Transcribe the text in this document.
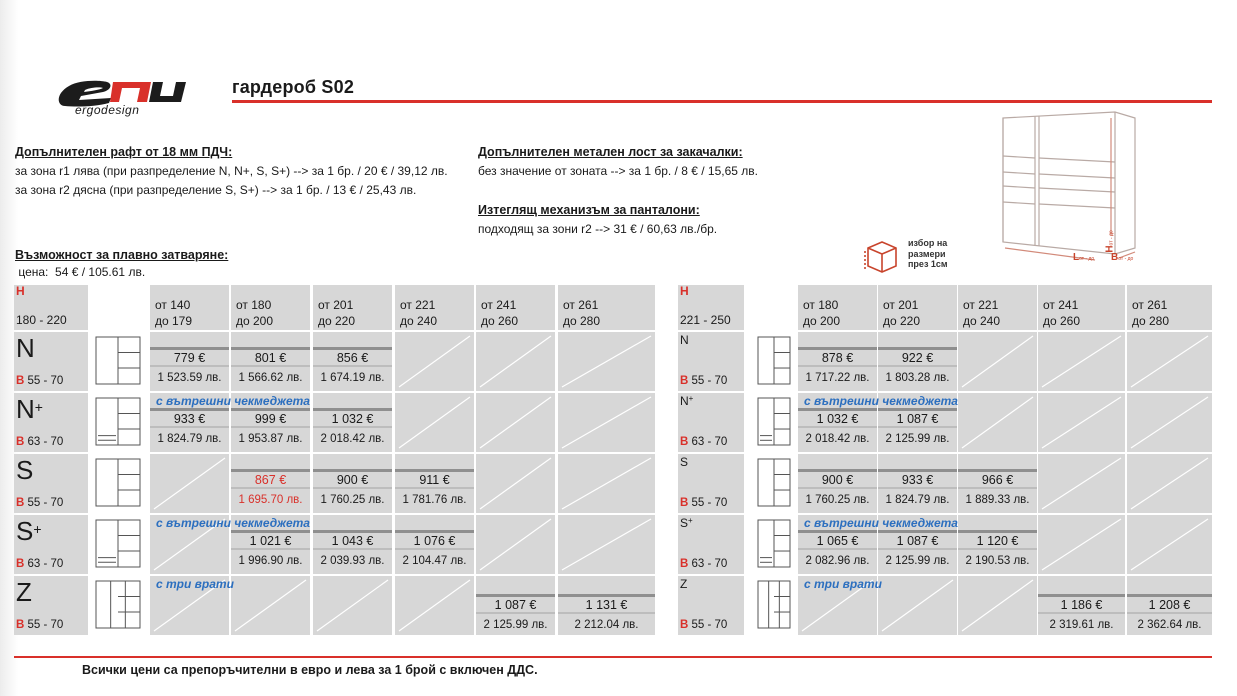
ergodesign
гардероб S02
Допълнителен рафт от 18 мм ПДЧ:
за зона r1 лява (при разпределение N, N+, S, S+) --> за 1 бр. / 20 € / 39,12 лв.
за зона r2 дясна (при разпределение S, S+) --> за 1 бр. / 13 € / 25,43 лв.
Допълнителен метален лост за закачалки:
без значение от зоната --> за 1 бр. / 8 € / 15,65 лв.
Изтеглящ механизъм за панталони:
подходящ за зони r2 --> 31 € / 60,63 лв./бр.
Възможност за плавно затваряне:
цена:  54 € / 105.61 лв.
избор на
размери
през 1см
Hот - до
Lот - до Bот - до
H
180 - 220
от 140
до 179
от 180
до 200
от 201
до 220
от 221
до 240
от 241
до 260
от 261
до 280
N
B 55 - 70
779 €
1 523.59 лв.
801 €
1 566.62 лв.
856 €
1 674.19 лв.
N+
B 63 - 70
933 €
1 824.79 лв.
999 €
1 953.87 лв.
1 032 €
2 018.42 лв.
с вътрешни чекмеджета
S
B 55 - 70
867 €
1 695.70 лв.
900 €
1 760.25 лв.
911 €
1 781.76 лв.
S+
B 63 - 70
1 021 €
1 996.90 лв.
1 043 €
2 039.93 лв.
1 076 €
2 104.47 лв.
с вътрешни чекмеджета
Z
B 55 - 70
1 087 €
2 125.99 лв.
1 131 €
2 212.04 лв.
с три врати
H
221 - 250
от 180
до 200
от 201
до 220
от 221
до 240
от 241
до 260
от 261
до 280
N
B 55 - 70
878 €
1 717.22 лв.
922 €
1 803.28 лв.
N+
B 63 - 70
1 032 €
2 018.42 лв.
1 087 €
2 125.99 лв.
с вътрешни чекмеджета
S
B 55 - 70
900 €
1 760.25 лв.
933 €
1 824.79 лв.
966 €
1 889.33 лв.
S+
B 63 - 70
1 065 €
2 082.96 лв.
1 087 €
2 125.99 лв.
1 120 €
2 190.53 лв.
с вътрешни чекмеджета
Z
B 55 - 70
1 186 €
2 319.61 лв.
1 208 €
2 362.64 лв.
с три врати
Всички цени са препоръчителни в евро и лева за 1 брой с включен ДДС.
